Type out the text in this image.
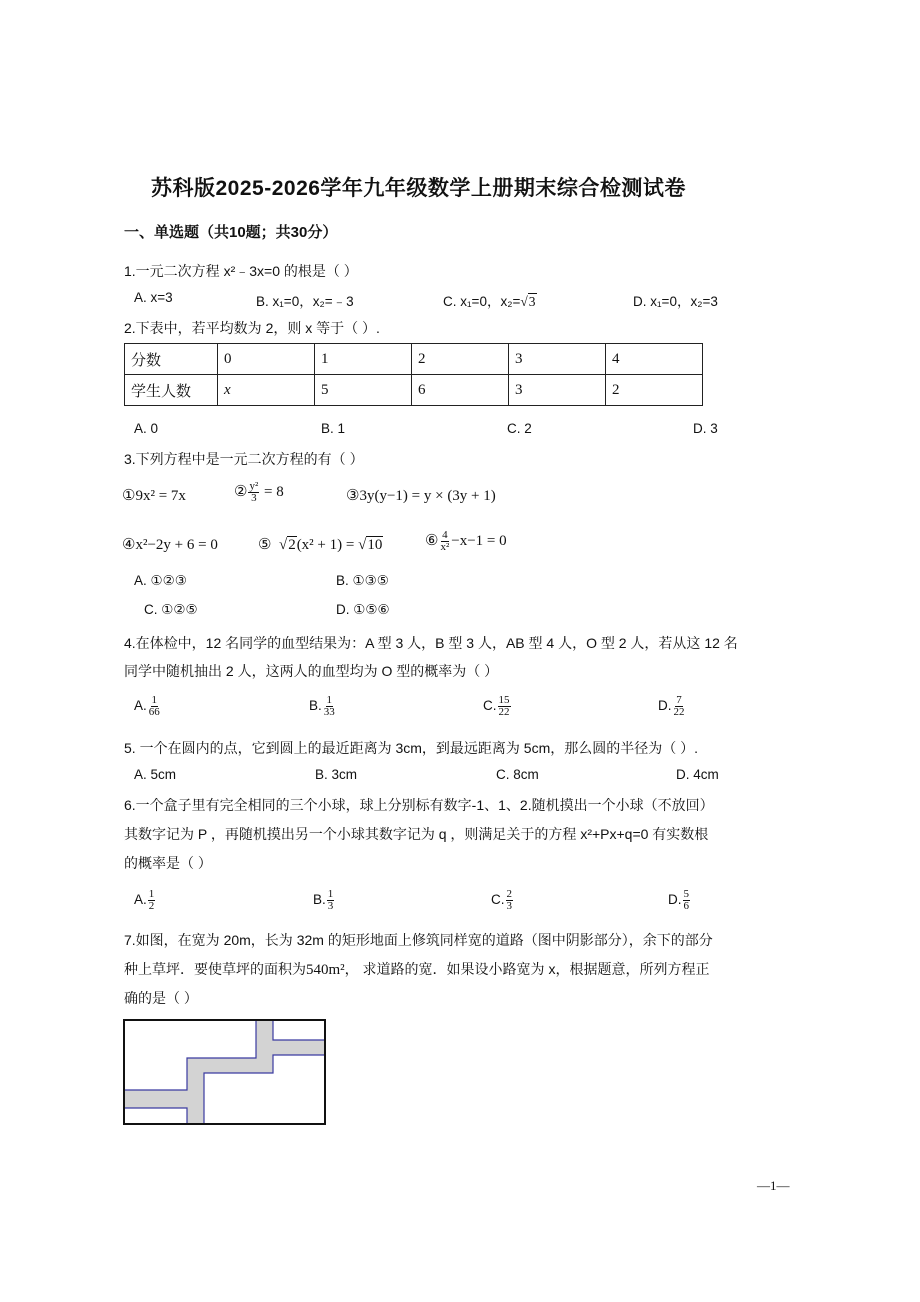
苏科版2025-2026学年九年级数学上册期末综合检测试卷
一、单选题（共10题；共30分）
1.一元二次方程 x²﹣3x=0 的根是（ ）
A. x=3	B. x₁=0，x₂=﹣3	C. x₁=0，x₂=√3	D. x₁=0，x₂=3
2.下表中，若平均数为 2，则 x 等于（ ）.
分数	0	1	2	3	4
学生人数	x	5	6	3	2
A. 0	B. 1	C. 2	D. 3
3.下列方程中是一元二次方程的有（ ）
①9x² = 7x	② $\frac{\text{y²}}{3} = 8$	③3y(y−1) = y × (3y + 1)
④x²−2y + 6 = 0	⑤ √2(x² + 1) = √10	⑥ $\frac{4}{\text{x²}} -x-1 = 0$
A. ①②③	B. ①③⑤
C. ①②⑤	D. ①⑤⑥
4.在体检中，12 名同学的血型结果为：A 型 3 人，B 型 3 人，AB 型 4 人，O 型 2 人，若从这 12 名
同学中随机抽出 2 人，这两人的血型均为 O 型的概率为（ ）
A. $\frac{1}{66}$	B. $\frac{1}{33}$	C. $\frac{15}{22}$	D. $\frac{7}{22}$
5. 一个在圆内的点，它到圆上的最近距离为 3cm，到最远距离为 5cm，那么圆的半径为（ ）.
A. 5cm	B. 3cm	C. 8cm	D. 4cm
6.一个盒子里有完全相同的三个小球，球上分别标有数字-1、1、2.随机摸出一个小球（不放回）
其数字记为 P ，再随机摸出另一个小球其数字记为 q ，则满足关于的方程 x²+Px+q=0 有实数根
的概率是（ ）
A. $\frac{1}{2}$	B. $\frac{1}{3}$	C. $\frac{2}{3}$	D. $\frac{5}{6}$
7.如图，在宽为 20m，长为 32m 的矩形地面上修筑同样宽的道路（图中阴影部分），余下的部分
种上草坪．要使草坪的面积为540m²， 求道路的宽．如果设小路宽为 x，根据题意，所列方程正
确的是（ ）
—1—
